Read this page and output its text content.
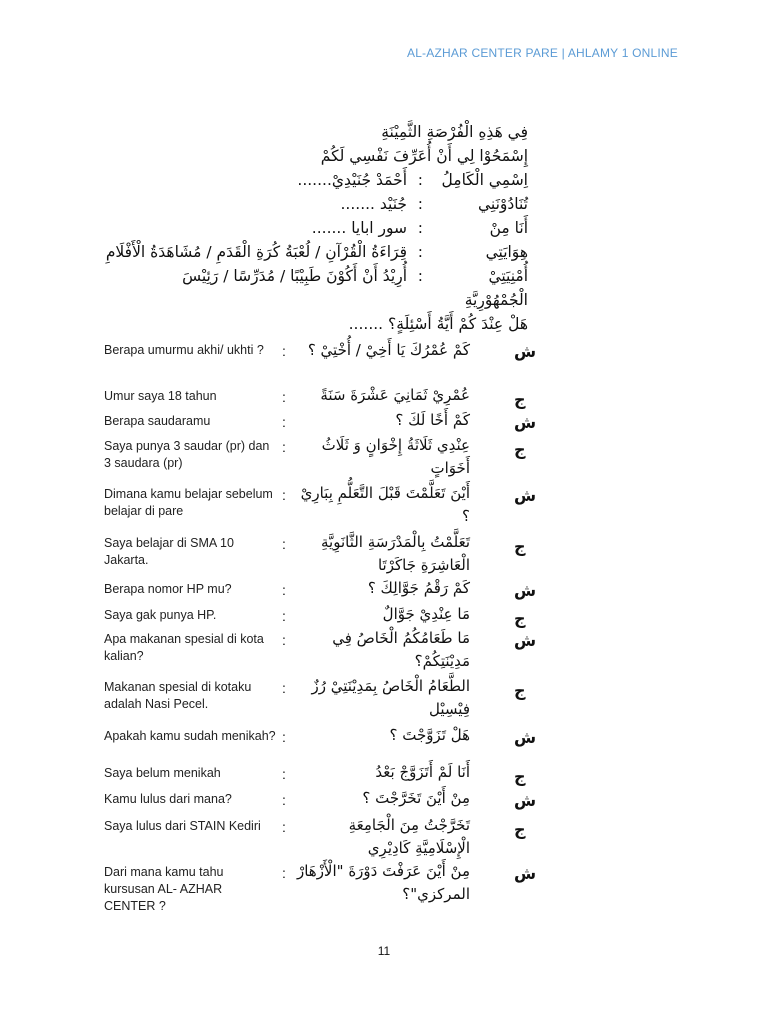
AL-AZHAR CENTER PARE | AHLAMY 1 ONLINE
فِي هَذِهِ الْفُرْصَةِ الثَّمِيْنَةِ
إِسْمَحُوْا لِي أَنْ أُعَرِّفَ نَفْسِي لَكُمْ
اِسْمِي الْكَامِلُ
:
أَحْمَدْ جُنَيْدِيْ.......
تُنَادُوْنَنِي
:
جُنَيْد .......
أَنَا مِنْ
:
سور ابايا .......
هِوَايَتِي
:
قِرَاءَةُ الْقُرْآنِ / لُعْبَةُ كُرَةِ الْقَدَمِ / مُشَاهَدَةُ الْأَفْلَامِ
أُمْنِيَتِيْ
:
أُرِيْدُ أَنْ أَكُوْنَ طَبِيْبًا / مُدَرِّسًا / رَئِيْسَ
الْجُمْهُوْرِيَّةِ
هَلْ عِنْدَ كُمْ أَيَّةُ أَسْئِلَةٍ؟ .......
Berapa umurmu akhi/ ukhti ?	:	كَمْ عُمْرُكَ يَا أَخِيْ / أُخْتِيْ ؟	ش
Umur saya 18 tahun	:	عُمْرِيْ ثَمَانِيَ عَشْرَةَ سَنَةً	ج
Berapa saudaramu	:	كَمْ أَخًا لَكَ ؟	ش
Saya punya 3 saudar (pr) dan 3 saudara (pr)
:	عِنْدِي ثَلَاثَةُ إِخْوَانٍ وَ ثَلَاثُ أَخَوَاتٍ
ج
Dimana kamu belajar sebelum belajar di pare
: أَيْنَ تَعَلَّمْتَ قَبْلَ التَّعَلُّمِ بِبَارِيْ ؟
ش
Saya belajar di SMA 10 Jakarta.
:	تَعَلَّمْتُ بِالْمَدْرَسَةِ الثَّانَوِيَّةِ الْعَاشِرَةِ جَاكَرْتَا
ج
Berapa nomor HP mu?	:	كَمْ رَقْمُ جَوَّالِكَ ؟	ش
Saya gak punya HP.	:	مَا عِنْدِيْ جَوَّالٌ	ج
Apa makanan spesial di kota kalian?
:	مَا طَعَامُكُمُ الْخَاصُ فِي مَدِيْنَتِكُمْ؟
ش
Makanan spesial di kotaku adalah Nasi Pecel.
:	الطَّعَامُ الْخَاصُ بِمَدِيْنَتِيْ رُزٌ فِيْسِيْل
ج
Apakah kamu sudah menikah? :	هَلْ تَزَوَّجْتَ ؟	ش
Saya belum menikah	:	أَنَا لَمْ أَتَزَوَّجْ بَعْدُ	ج
Kamu lulus dari mana?	:	مِنْ أَيْنَ تَخَرَّجْتَ ؟	ش
Saya lulus dari STAIN Kediri	:	تَخَرَّجْتُ مِنَ الْجَامِعَةِ الْإِسْلَامِيَّةِ كَادِيْرِي
ج
Dari mana kamu tahu kursusan AL- AZHAR CENTER ?
: مِنْ أَيْنَ عَرَفْتَ دَوْرَةَ "الْأَزْهَارْ المركزي"؟
ش
11
